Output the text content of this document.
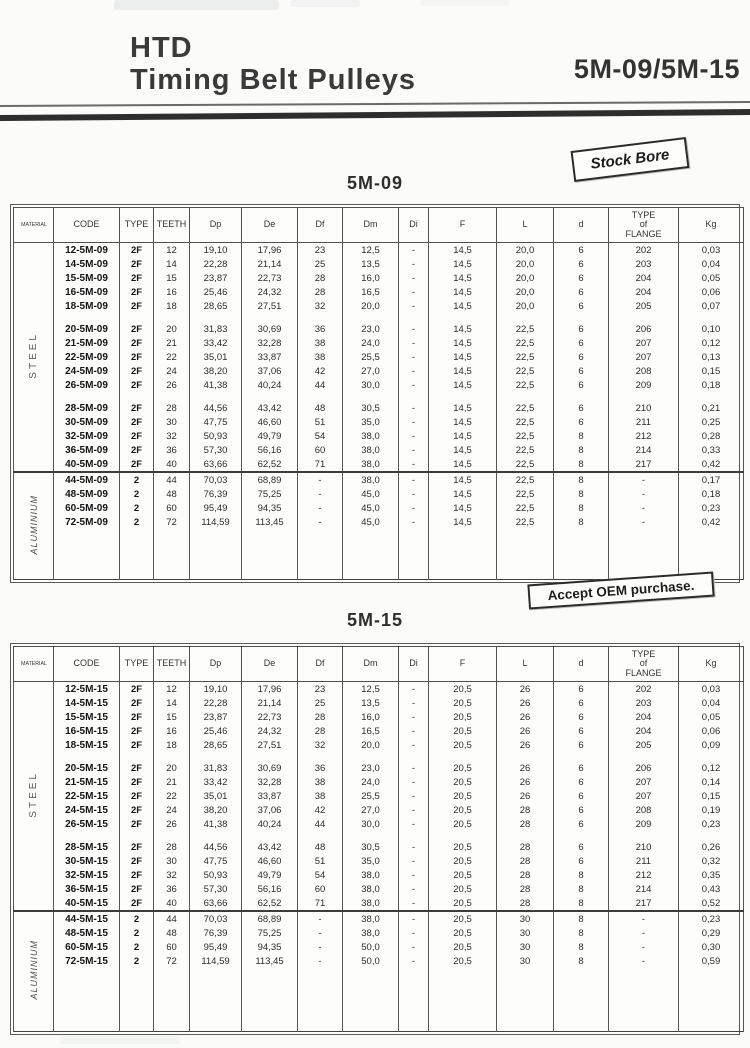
HTD
Timing Belt Pulleys	5M-09/5M-15
Stock Bore
5M-09
MATERIAL	CODE	TYPE	TEETH	Dp	De	Df	Dm	Di	F	L	d	TYPE
of
FLANGE	Kg
STEEL	12-5M-09	2F	12	19,10	17,96	23	12,5	-	14,5	20,0	6	202	0,03
	14-5M-09	2F	14	22,28	21,14	25	13,5	-	14,5	20,0	6	203	0,04
	15-5M-09	2F	15	23,87	22,73	28	16,0	-	14,5	20,0	6	204	0,05
	16-5M-09	2F	16	25,46	24,32	28	16,5	-	14,5	20,0	6	204	0,06
	18-5M-09	2F	18	28,65	27,51	32	20,0	-	14,5	20,0	6	205	0,07

	20-5M-09	2F	20	31,83	30,69	36	23,0	-	14,5	22,5	6	206	0,10
	21-5M-09	2F	21	33,42	32,28	38	24,0	-	14,5	22,5	6	207	0,12
	22-5M-09	2F	22	35,01	33,87	38	25,5	-	14,5	22,5	6	207	0,13
	24-5M-09	2F	24	38,20	37,06	42	27,0	-	14,5	22,5	6	208	0,15
	26-5M-09	2F	26	41,38	40,24	44	30,0	-	14,5	22,5	6	209	0,18

	28-5M-09	2F	28	44,56	43,42	48	30,5	-	14,5	22,5	6	210	0,21
	30-5M-09	2F	30	47,75	46,60	51	35,0	-	14,5	22,5	6	211	0,25
	32-5M-09	2F	32	50,93	49,79	54	38,0	-	14,5	22,5	8	212	0,28
	36-5M-09	2F	36	57,30	56,16	60	38,0	-	14,5	22,5	8	214	0,33
	40-5M-09	2F	40	63,66	62,52	71	38,0	-	14,5	22,5	8	217	0,42
ALUMINIUM	44-5M-09	2	44	70,03	68,89	-	38,0	-	14,5	22,5	8	-	0,17
	48-5M-09	2	48	76,39	75,25	-	45,0	-	14,5	22,5	8	-	0,18
	60-5M-09	2	60	95,49	94,35	-	45,0	-	14,5	22,5	8	-	0,23
	72-5M-09	2	72	114,59	113,45	-	45,0	-	14,5	22,5	8	-	0,42

Accept OEM purchase.
5M-15
MATERIAL	CODE	TYPE	TEETH	Dp	De	Df	Dm	Di	F	L	d	TYPE
of
FLANGE	Kg
STEEL	12-5M-15	2F	12	19,10	17,96	23	12,5	-	20,5	26	6	202	0,03
	14-5M-15	2F	14	22,28	21,14	25	13,5	-	20,5	26	6	203	0,04
	15-5M-15	2F	15	23,87	22,73	28	16,0	-	20,5	26	6	204	0,05
	16-5M-15	2F	16	25,46	24,32	28	16,5	-	20,5	26	6	204	0,06
	18-5M-15	2F	18	28,65	27,51	32	20,0	-	20,5	26	6	205	0,09

	20-5M-15	2F	20	31,83	30,69	36	23,0	-	20,5	26	6	206	0,12
	21-5M-15	2F	21	33,42	32,28	38	24,0	-	20,5	26	6	207	0,14
	22-5M-15	2F	22	35,01	33,87	38	25,5	-	20,5	26	6	207	0,15
	24-5M-15	2F	24	38,20	37,06	42	27,0	-	20,5	28	6	208	0,19
	26-5M-15	2F	26	41,38	40,24	44	30,0	-	20,5	28	6	209	0,23

	28-5M-15	2F	28	44,56	43,42	48	30,5	-	20,5	28	6	210	0,26
	30-5M-15	2F	30	47,75	46,60	51	35,0	-	20,5	28	6	211	0,32
	32-5M-15	2F	32	50,93	49,79	54	38,0	-	20,5	28	8	212	0,35
	36-5M-15	2F	36	57,30	56,16	60	38,0	-	20,5	28	8	214	0,43
	40-5M-15	2F	40	63,66	62,52	71	38,0	-	20,5	28	8	217	0,52
ALUMINIUM	44-5M-15	2	44	70,03	68,89	-	38,0	-	20,5	30	8	-	0,23
	48-5M-15	2	48	76,39	75,25	-	38,0	-	20,5	30	8	-	0,29
	60-5M-15	2	60	95,49	94,35	-	50,0	-	20,5	30	8	-	0,30
	72-5M-15	2	72	114,59	113,45	-	50,0	-	20,5	30	8	-	0,59
